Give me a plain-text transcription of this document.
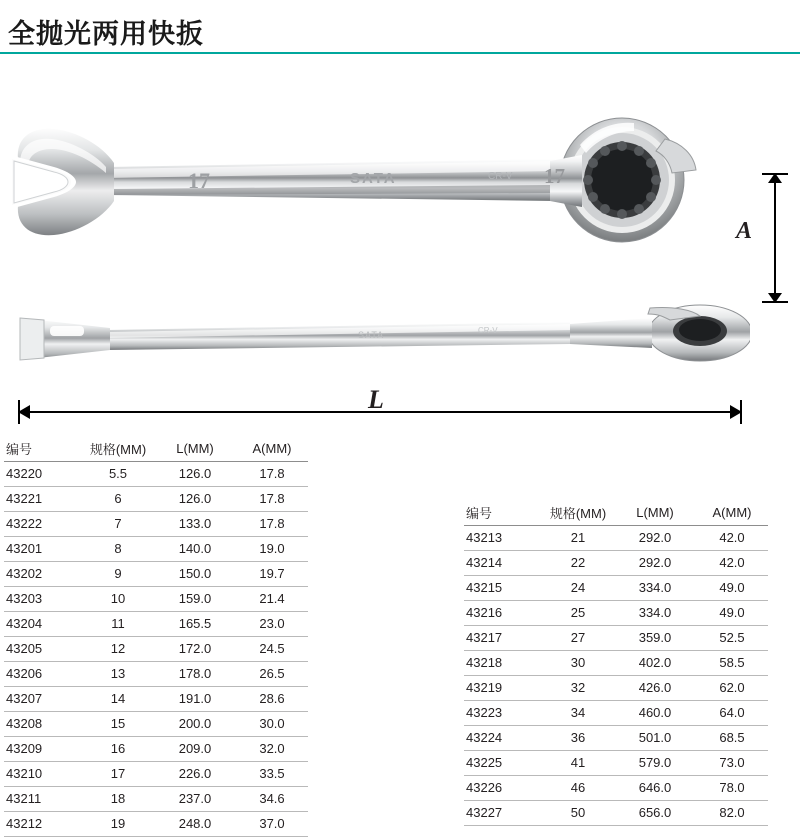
全抛光两用快扳
17	SATA	CR-V 17
SATA	CR-V
A
L
编号	规格(MM)	L(MM)	A(MM)
43220	5.5	126.0	17.8
43221	6	126.0	17.8
43222	7	133.0	17.8
43201	8	140.0	19.0
43202	9	150.0	19.7
43203	10	159.0	21.4
43204	11	165.5	23.0
43205	12	172.0	24.5
43206	13	178.0	26.5
43207	14	191.0	28.6
43208	15	200.0	30.0
43209	16	209.0	32.0
43210	17	226.0	33.5
43211	18	237.0	34.6
43212	19	248.0	37.0
编号	规格(MM)	L(MM)	A(MM)
43213	21	292.0	42.0
43214	22	292.0	42.0
43215	24	334.0	49.0
43216	25	334.0	49.0
43217	27	359.0	52.5
43218	30	402.0	58.5
43219	32	426.0	62.0
43223	34	460.0	64.0
43224	36	501.0	68.5
43225	41	579.0	73.0
43226	46	646.0	78.0
43227	50	656.0	82.0
